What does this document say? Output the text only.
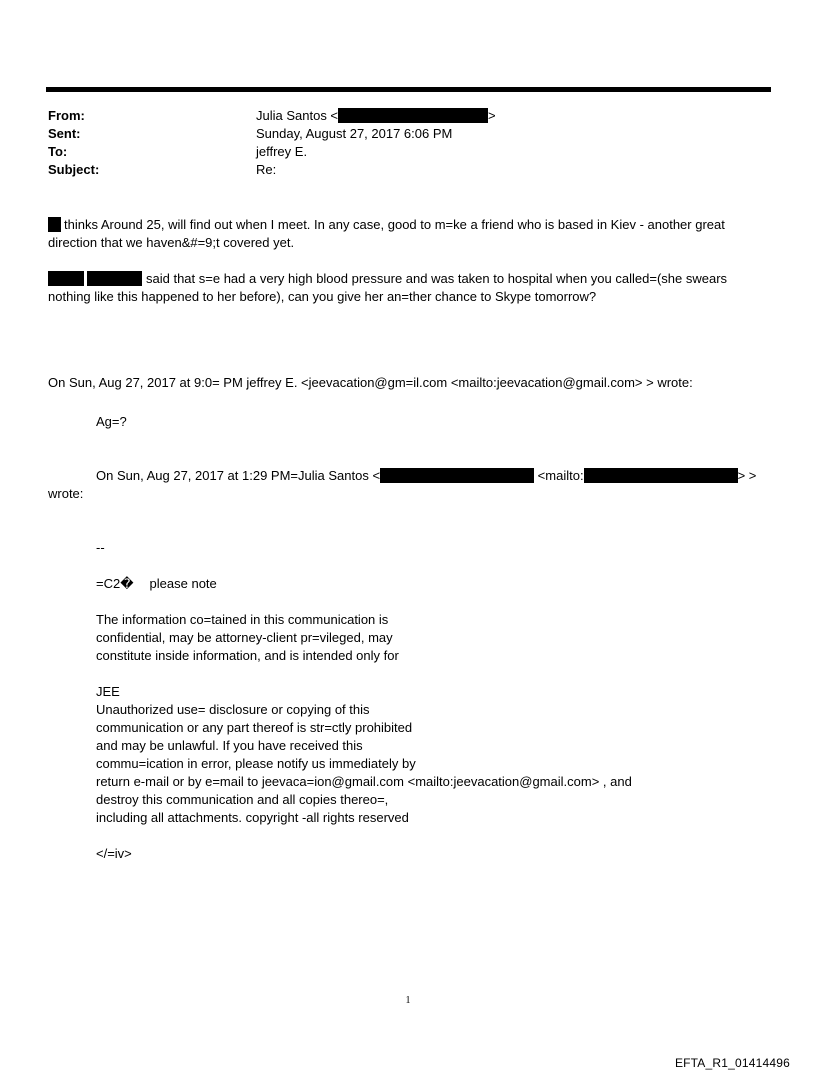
From:	Julia Santos <	>
Sent:	Sunday, August 27, 2017 6:06 PM
To:	jeffrey E.
Subject:	Re:

thinks Around 25, will find out when I meet. In any case, good to m=ke a friend who is based in Kiev - another great

direction that we haven&#=9;t covered yet.

said that s=e had a very high blood pressure and was taken to hospital when you called=(she swears

nothing like this happened to her before), can you give her an=ther chance to Skype tomorrow?

On Sun, Aug 27, 2017 at 9:0= PM jeffrey E. <jeevacation@gm=il.com <mailto:jeevacation@gmail.com> > wrote:
Ag=?
On Sun, Aug 27, 2017 at 1:29 PM=Julia Santos <	<mailto:	> >
wrote:
--
=C2� please note

The information co=tained in this communication is

confidential, may be attorney-client pr=vileged, may

constitute inside information, and is intended only for

JEE

Unauthorized use= disclosure or copying of this

communication or any part thereof is str=ctly prohibited

and may be unlawful. If you have received this

commu=ication in error, please notify us immediately by

return e-mail or by e=mail to jeevaca=ion@gmail.com <mailto:jeevacation@gmail.com> , and

destroy this communication and all copies thereo=,

including all attachments. copyright -all rights reserved

</=iv>
1
EFTA_R1_01414496
